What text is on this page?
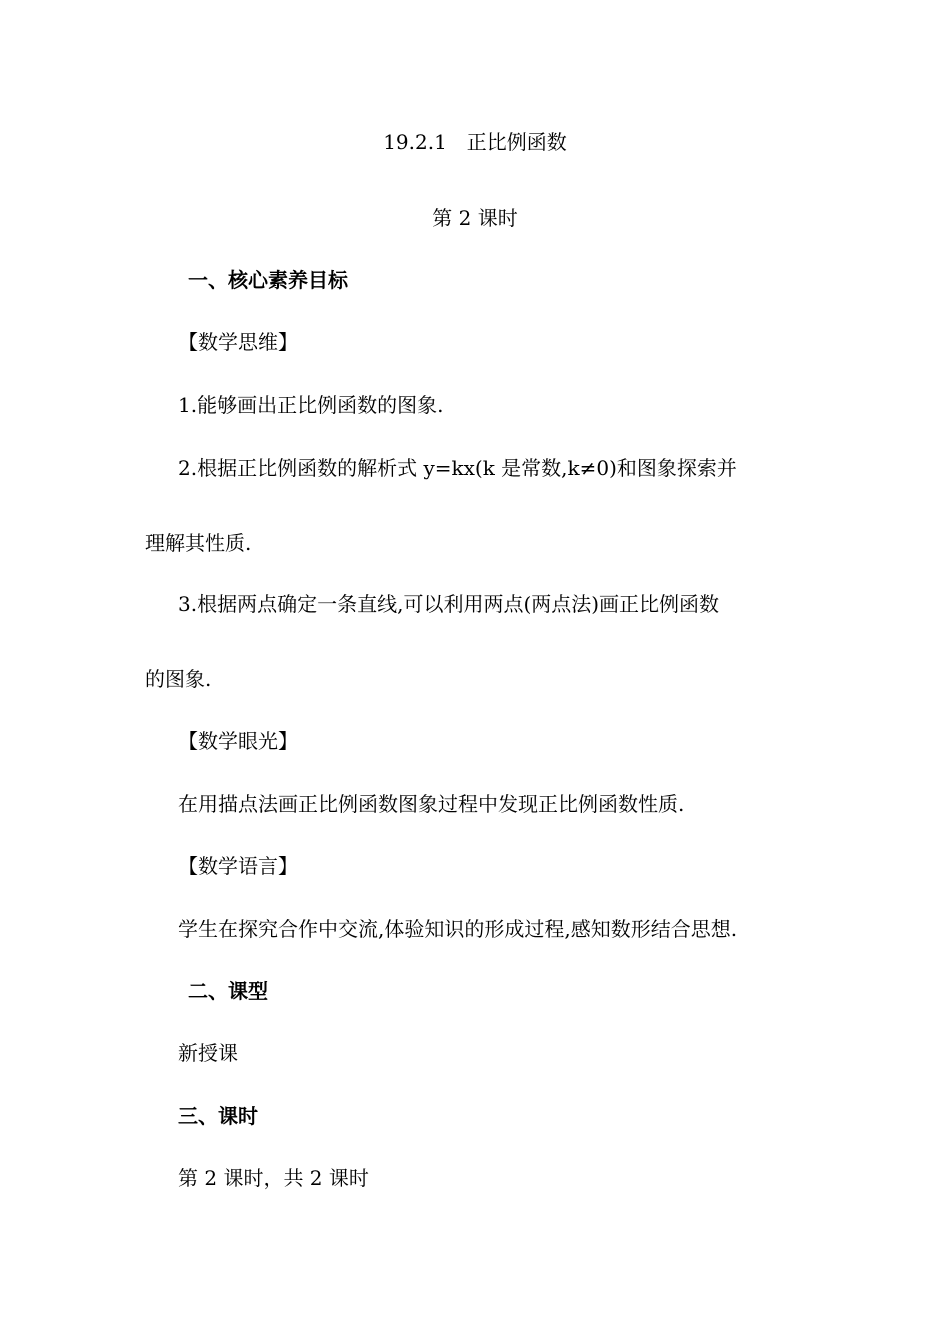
19.2.1　正比例函数

第 2 课时

一、核心素养目标

【数学思维】

1.能够画出正比例函数的图象.

2.根据正比例函数的解析式 y=kx(k 是常数,k≠0)和图象探索并

理解其性质.

3.根据两点确定一条直线,可以利用两点(两点法)画正比例函数

的图象.

【数学眼光】

在用描点法画正比例函数图象过程中发现正比例函数性质.

【数学语言】

学生在探究合作中交流,体验知识的形成过程,感知数形结合思想.

二、课型

新授课

三、课时

第 2 课时，共 2 课时
